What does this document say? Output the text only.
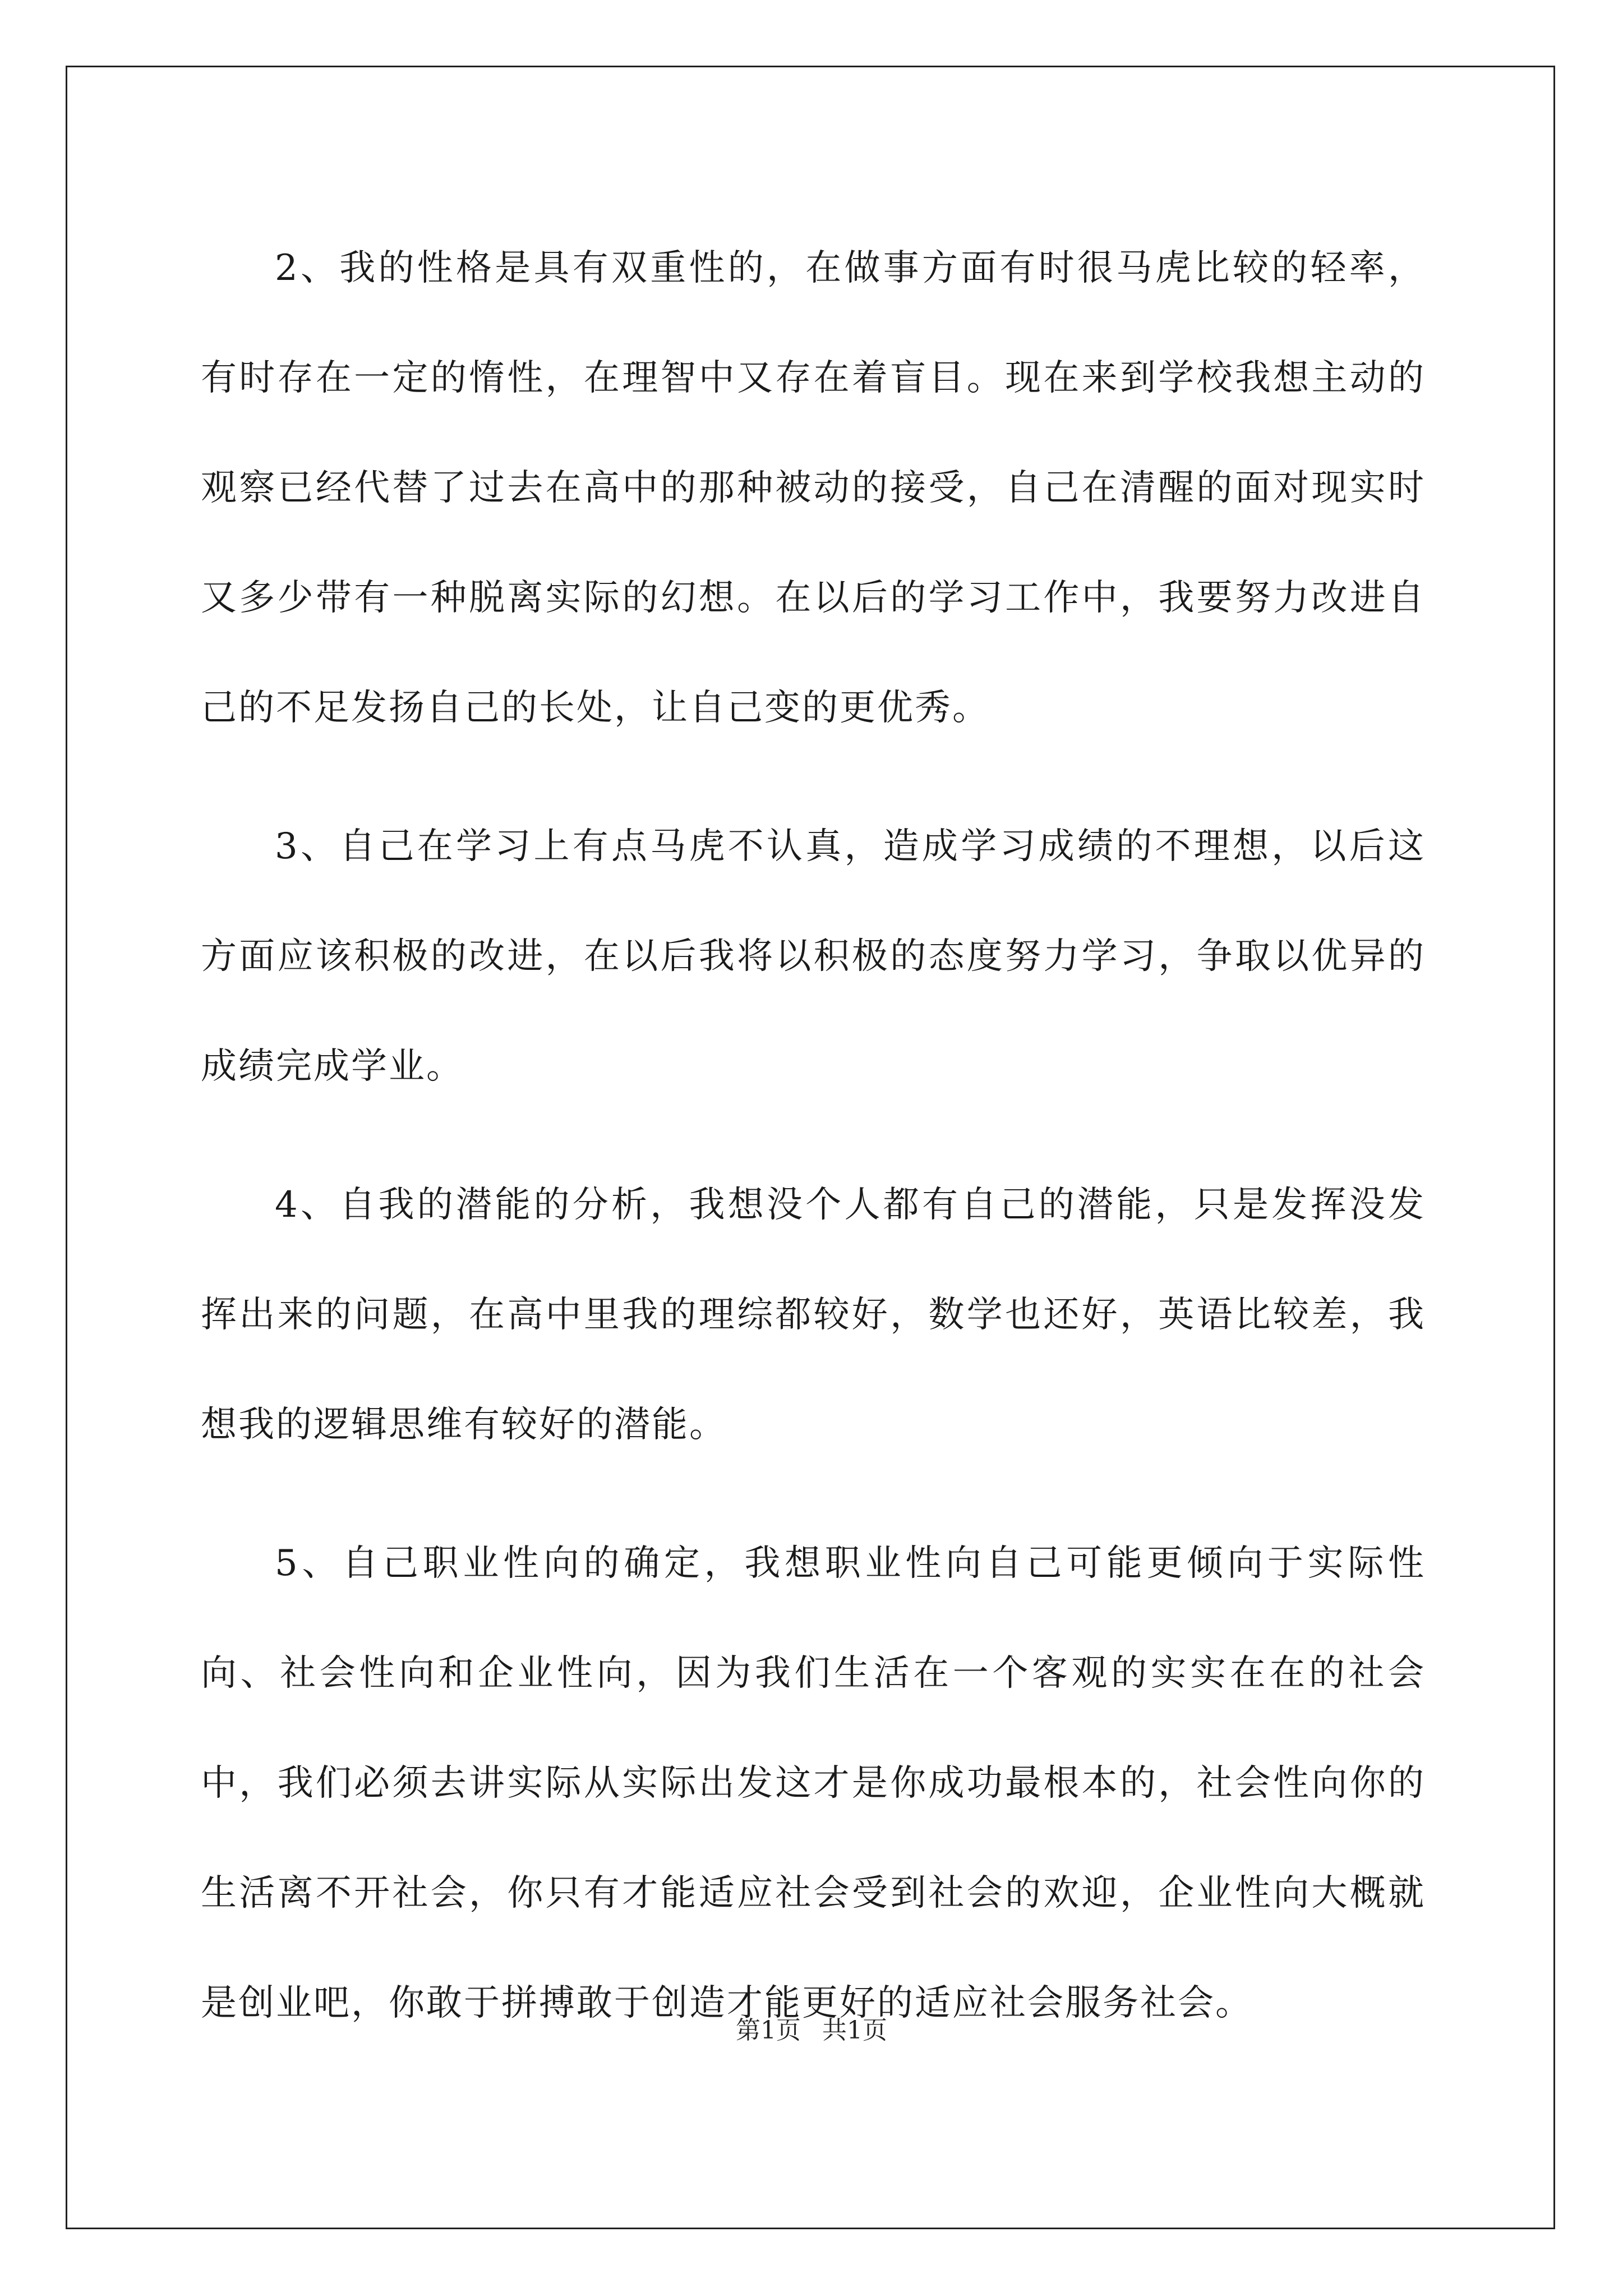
2、我的性格是具有双重性的，在做事方面有时很马虎比较的轻率，有时存在一定的惰性，在理智中又存在着盲目。现在来到学校我想主动的观察已经代替了过去在高中的那种被动的接受，自己在清醒的面对现实时又多少带有一种脱离实际的幻想。在以后的学习工作中，我要努力改进自己的不足发扬自己的长处，让自己变的更优秀。

3、自己在学习上有点马虎不认真，造成学习成绩的不理想，以后这方面应该积极的改进，在以后我将以积极的态度努力学习，争取以优异的成绩完成学业。

4、自我的潜能的分析，我想没个人都有自己的潜能，只是发挥没发挥出来的问题，在高中里我的理综都较好，数学也还好，英语比较差，我想我的逻辑思维有较好的潜能。

5、自己职业性向的确定，我想职业性向自己可能更倾向于实际性向、社会性向和企业性向，因为我们生活在一个客观的实实在在的社会中，我们必须去讲实际从实际出发这才是你成功最根本的，社会性向你的生活离不开社会，你只有才能适应社会受到社会的欢迎，企业性向大概就是创业吧，你敢于拼搏敢于创造才能更好的适应社会服务社会。

第1页 共1页
